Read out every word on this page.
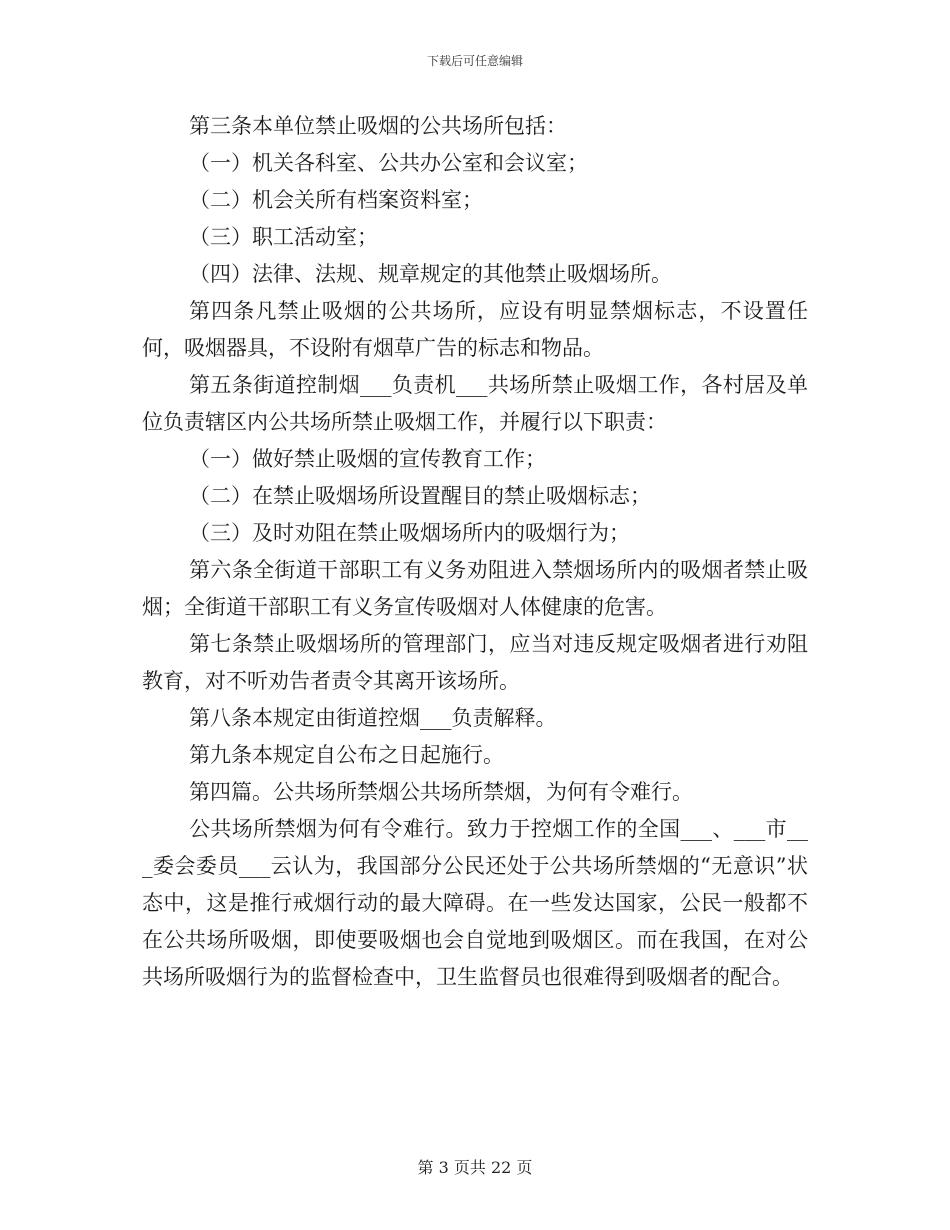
下载后可任意编辑

第三条本单位禁止吸烟的公共场所包括：

（一）机关各科室、公共办公室和会议室；

（二）机会关所有档案资料室；

（三）职工活动室；

（四）法律、法规、规章规定的其他禁止吸烟场所。

第四条凡禁止吸烟的公共场所，应设有明显禁烟标志，不设置任何，吸烟器具，不设附有烟草广告的标志和物品。

第五条街道控制烟___负责机___共场所禁止吸烟工作，各村居及单位负责辖区内公共场所禁止吸烟工作，并履行以下职责：

（一）做好禁止吸烟的宣传教育工作；

（二）在禁止吸烟场所设置醒目的禁止吸烟标志；

（三）及时劝阻在禁止吸烟场所内的吸烟行为；

第六条全街道干部职工有义务劝阻进入禁烟场所内的吸烟者禁止吸烟；全街道干部职工有义务宣传吸烟对人体健康的危害。

第七条禁止吸烟场所的管理部门，应当对违反规定吸烟者进行劝阻教育，对不听劝告者责令其离开该场所。

第八条本规定由街道控烟___负责解释。

第九条本规定自公布之日起施行。

第四篇。公共场所禁烟公共场所禁烟，为何有令难行。

公共场所禁烟为何有令难行。致力于控烟工作的全国___、___市___委会委员___云认为，我国部分公民还处于公共场所禁烟的“无意识”状态中，这是推行戒烟行动的最大障碍。在一些发达国家，公民一般都不在公共场所吸烟，即使要吸烟也会自觉地到吸烟区。而在我国，在对公共场所吸烟行为的监督检查中，卫生监督员也很难得到吸烟者的配合。

第 3 页共 22 页
